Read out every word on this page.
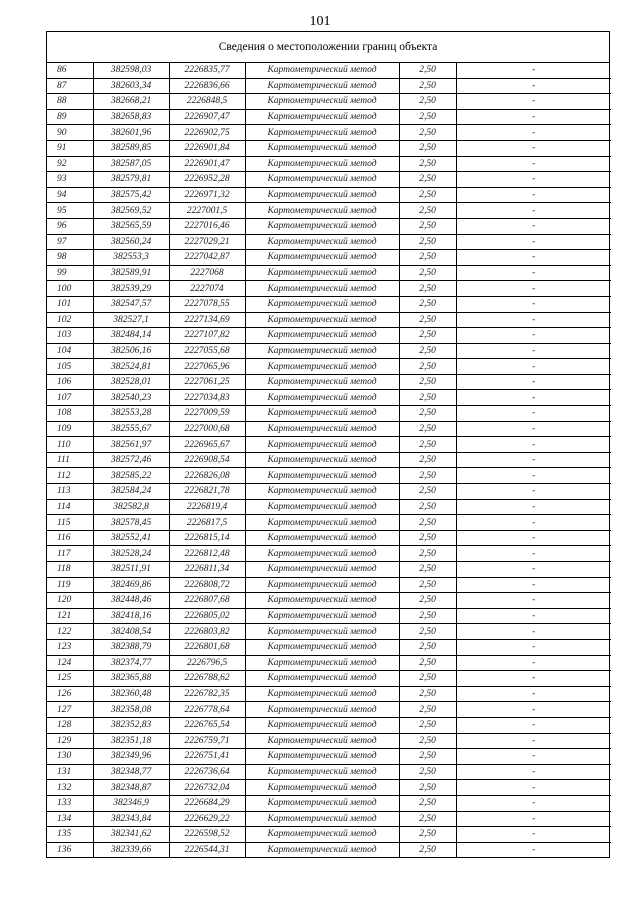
101
Сведения о местоположении границ объекта
86	382598,03	2226835,77	Картометрический метод	2,50	-
87	382603,34	2226836,66	Картометрический метод	2,50	-
88	382668,21	2226848,5	Картометрический метод	2,50	-
89	382658,83	2226907,47	Картометрический метод	2,50	-
90	382601,96	2226902,75	Картометрический метод	2,50	-
91	382589,85	2226901,84	Картометрический метод	2,50	-
92	382587,05	2226901,47	Картометрический метод	2,50	-
93	382579,81	2226952,28	Картометрический метод	2,50	-
94	382575,42	2226971,32	Картометрический метод	2,50	-
95	382569,52	2227001,5	Картометрический метод	2,50	-
96	382565,59	2227016,46	Картометрический метод	2,50	-
97	382560,24	2227029,21	Картометрический метод	2,50	-
98	382553,3	2227042,87	Картометрический метод	2,50	-
99	382589,91	2227068	Картометрический метод	2,50	-
100	382539,29	2227074	Картометрический метод	2,50	-
101	382547,57	2227078,55	Картометрический метод	2,50	-
102	382527,1	2227134,69	Картометрический метод	2,50	-
103	382484,14	2227107,82	Картометрический метод	2,50	-
104	382506,16	2227055,68	Картометрический метод	2,50	-
105	382524,81	2227065,96	Картометрический метод	2,50	-
106	382528,01	2227061,25	Картометрический метод	2,50	-
107	382540,23	2227034,83	Картометрический метод	2,50	-
108	382553,28	2227009,59	Картометрический метод	2,50	-
109	382555,67	2227000,68	Картометрический метод	2,50	-
110	382561,97	2226965,67	Картометрический метод	2,50	-
111	382572,46	2226908,54	Картометрический метод	2,50	-
112	382585,22	2226826,08	Картометрический метод	2,50	-
113	382584,24	2226821,78	Картометрический метод	2,50	-
114	382582,8	2226819,4	Картометрический метод	2,50	-
115	382578,45	2226817,5	Картометрический метод	2,50	-
116	382552,41	2226815,14	Картометрический метод	2,50	-
117	382528,24	2226812,48	Картометрический метод	2,50	-
118	382511,91	2226811,34	Картометрический метод	2,50	-
119	382469,86	2226808,72	Картометрический метод	2,50	-
120	382448,46	2226807,68	Картометрический метод	2,50	-
121	382418,16	2226805,02	Картометрический метод	2,50	-
122	382408,54	2226803,82	Картометрический метод	2,50	-
123	382388,79	2226801,68	Картометрический метод	2,50	-
124	382374,77	2226796,5	Картометрический метод	2,50	-
125	382365,88	2226788,62	Картометрический метод	2,50	-
126	382360,48	2226782,35	Картометрический метод	2,50	-
127	382358,08	2226778,64	Картометрический метод	2,50	-
128	382352,83	2226765,54	Картометрический метод	2,50	-
129	382351,18	2226759,71	Картометрический метод	2,50	-
130	382349,96	2226751,41	Картометрический метод	2,50	-
131	382348,77	2226736,64	Картометрический метод	2,50	-
132	382348,87	2226732,04	Картометрический метод	2,50	-
133	382346,9	2226684,29	Картометрический метод	2,50	-
134	382343,84	2226629,22	Картометрический метод	2,50	-
135	382341,62	2226598,52	Картометрический метод	2,50	-
136	382339,66	2226544,31	Картометрический метод	2,50	-
